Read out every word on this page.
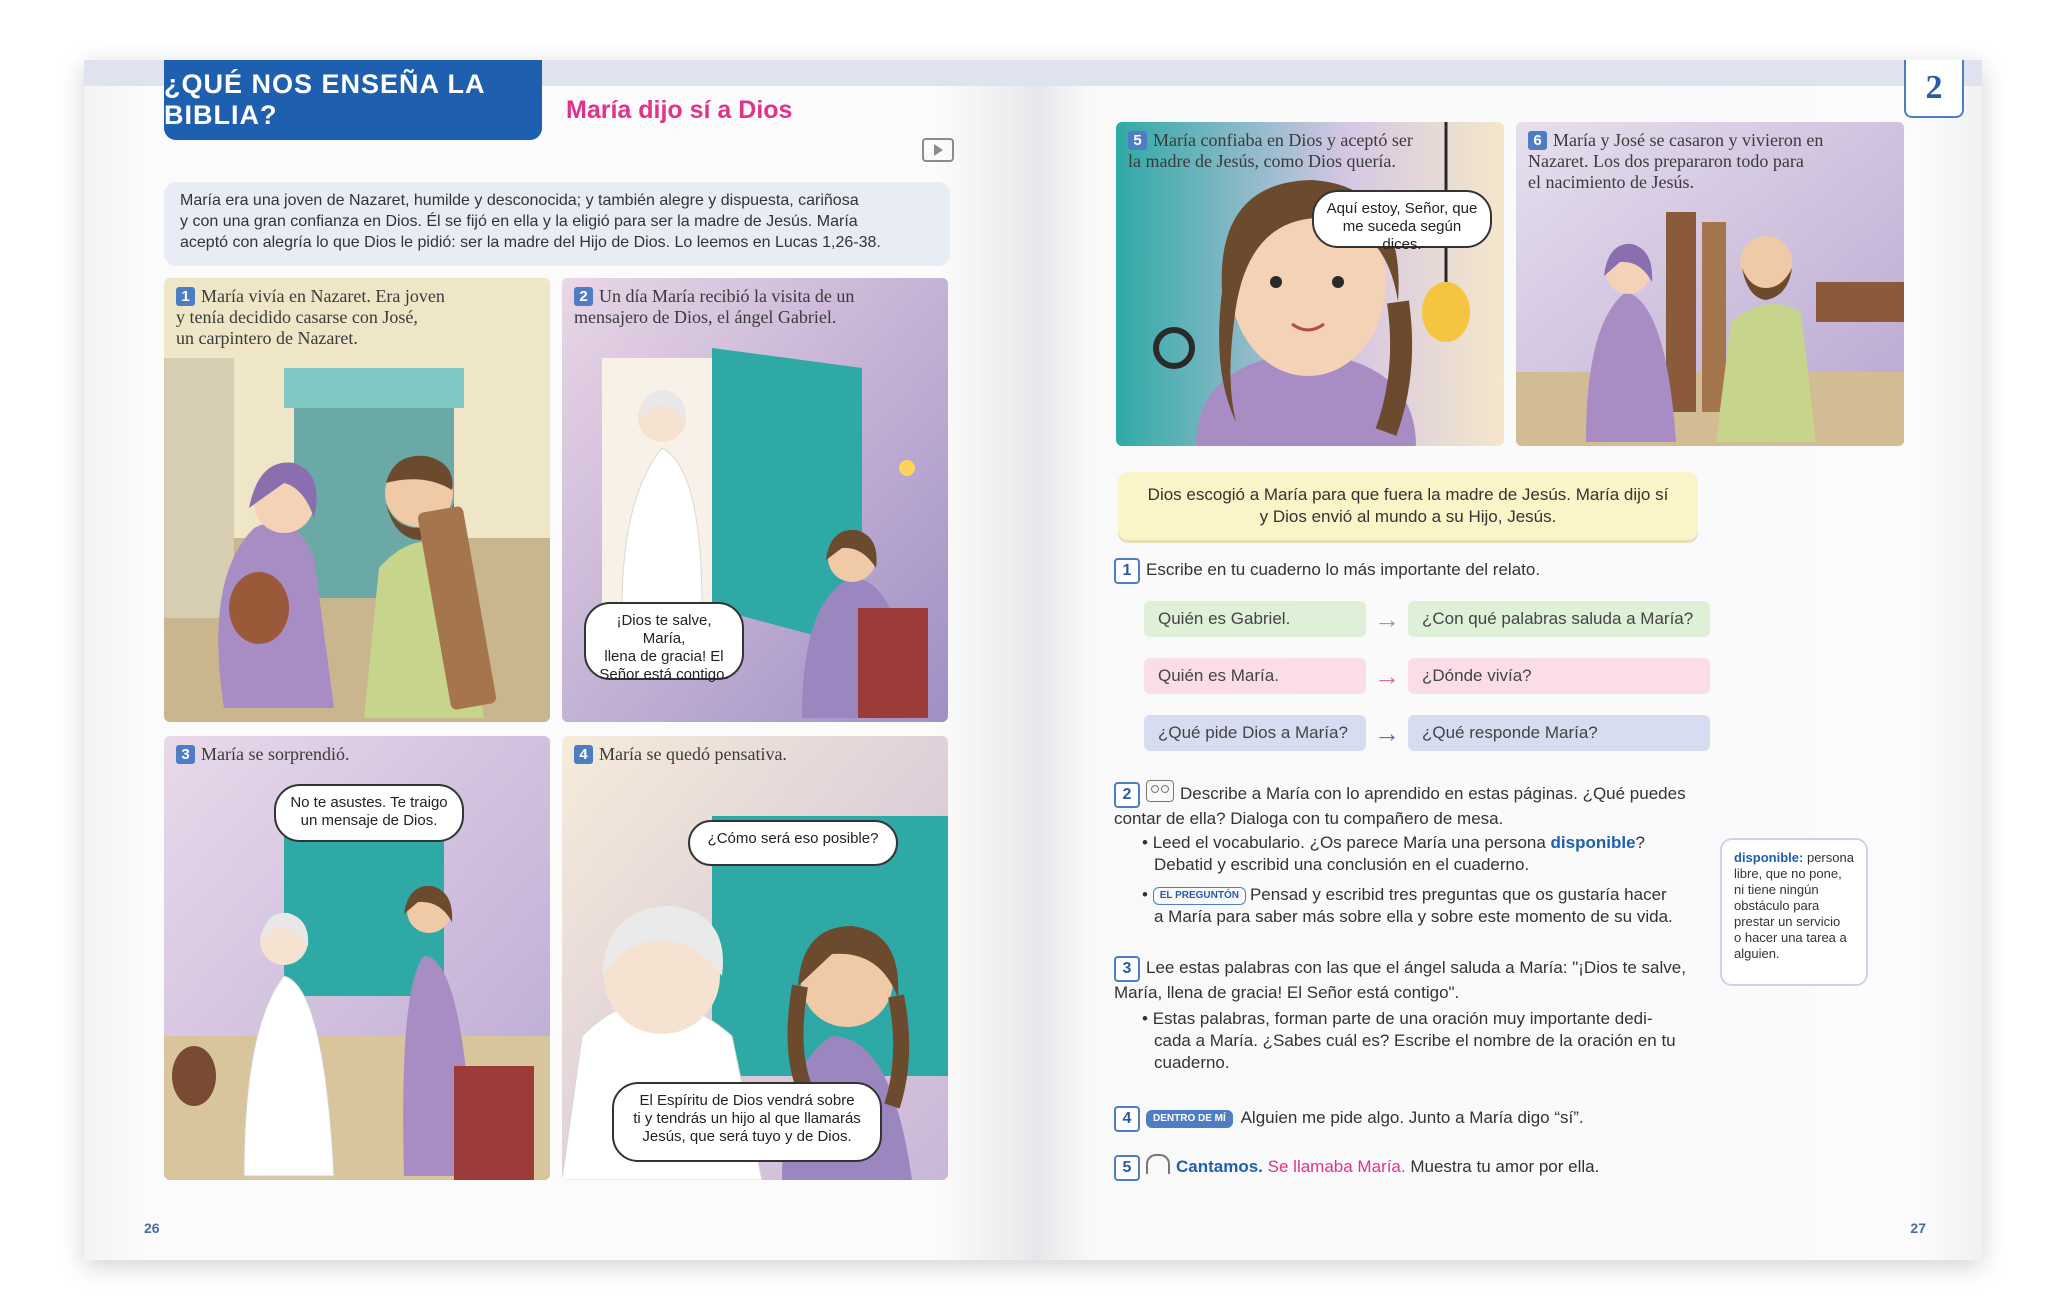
¿QUÉ NOS ENSEÑA LA BIBLIA?	María dijo sí a Dios
María era una joven de Nazaret, humilde y desconocida; y también alegre y dispuesta, cariñosa
y con una gran confianza en Dios. Él se fijó en ella y la eligió para ser la madre de Jesús. María
aceptó con alegría lo que Dios le pidió: ser la madre del Hijo de Dios. Lo leemos en Lucas 1,26-38.
1 María vivía en Nazaret. Era joven
y tenía decidido casarse con José,
un carpintero de Nazaret.
2 Un día María recibió la visita de un
mensajero de Dios, el ángel Gabriel.
¡Dios te salve, María,
llena de gracia! El
Señor está contigo.
3 María se sorprendió.
No te asustes. Te traigo
un mensaje de Dios.
4 María se quedó pensativa.
¿Cómo será eso posible?
El Espíritu de Dios vendrá sobre
ti y tendrás un hijo al que llamarás
Jesús, que será tuyo y de Dios.
26
2
27
5 María confiaba en Dios y aceptó ser
la madre de Jesús, como Dios quería.
Aquí estoy, Señor, que
me suceda según dices.
6 María y José se casaron y vivieron en
Nazaret. Los dos prepararon todo para
el nacimiento de Jesús.
Dios escogió a María para que fuera la madre de Jesús. María dijo sí
y Dios envió al mundo a su Hijo, Jesús.
1 Escribe en tu cuaderno lo más importante del relato.
Quién es Gabriel.	→	¿Con qué palabras saluda a María?
Quién es María.	→	¿Dónde vivía?
¿Qué pide Dios a María?	→	¿Qué responde María?
2	Describe a María con lo aprendido en estas páginas. ¿Qué puedes
contar de ella? Dialoga con tu compañero de mesa.
• Leed el vocabulario. ¿Os parece María una persona disponible?
Debatid y escribid una conclusión en el cuaderno.
• EL PREGUNTÓN Pensad y escribid tres preguntas que os gustaría hacer
a María para saber más sobre ella y sobre este momento de su vida.
disponible: persona
libre, que no pone,
ni tiene ningún
obstáculo para
prestar un servicio
o hacer una tarea a
alguien.
3 Lee estas palabras con las que el ángel saluda a María: "¡Dios te salve,
María, llena de gracia! El Señor está contigo".
• Estas palabras, forman parte de una oración muy importante dedi-
cada a María. ¿Sabes cuál es? Escribe el nombre de la oración en tu
cuaderno.
4 DENTRO DE MÍ Alguien me pide algo. Junto a María digo “sí”.
5	Cantamos. Se llamaba María. Muestra tu amor por ella.
